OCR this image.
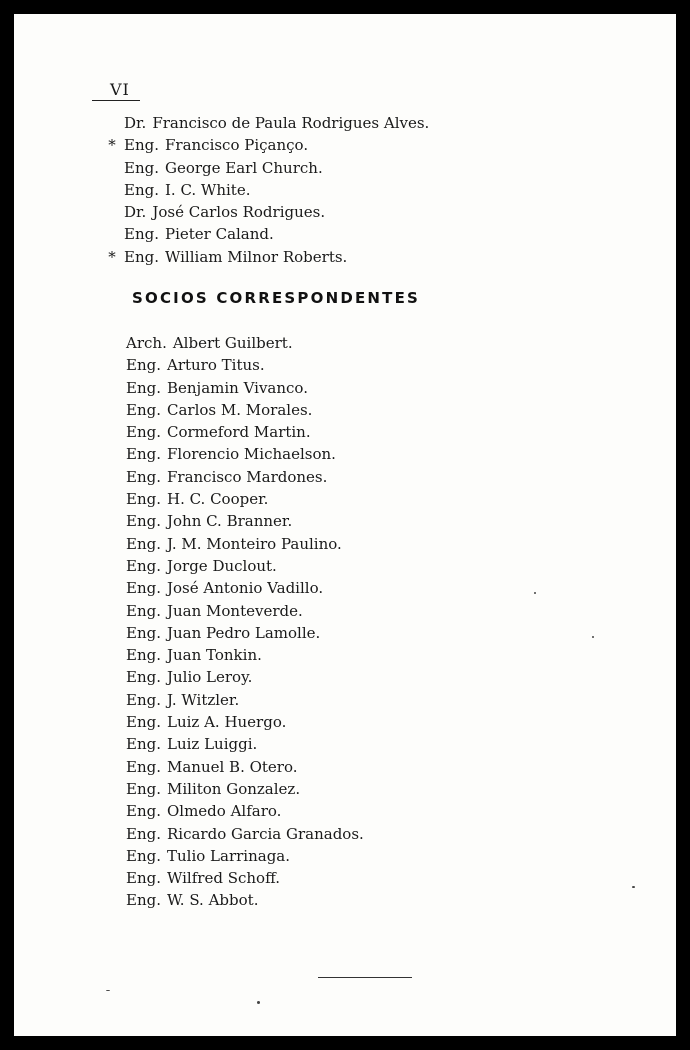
VI
Dr. Francisco de Paula Rodrigues Alves.
* Eng. Francisco Piçanço.
Eng. George Earl Church.
Eng. I. C. White.
Dr. José Carlos Rodrigues.
Eng. Pieter Caland.
* Eng. William Milnor Roberts.
SOCIOS CORRESPONDENTES
Arch. Albert Guilbert.
Eng. Arturo Titus.
Eng. Benjamin Vivanco.
Eng. Carlos M. Morales.
Eng. Cormeford Martin.
Eng. Florencio Michaelson.
Eng. Francisco Mardones.
Eng. H. C. Cooper.
Eng. John C. Branner.
Eng. J. M. Monteiro Paulino.
Eng. Jorge Duclout.
Eng. José Antonio Vadillo.
Eng. Juan Monteverde.
Eng. Juan Pedro Lamolle.
Eng. Juan Tonkin.
Eng. Julio Leroy.
Eng. J. Witzler.
Eng. Luiz A. Huergo.
Eng. Luiz Luiggi.
Eng. Manuel B. Otero.
Eng. Militon Gonzalez.
Eng. Olmedo Alfaro.
Eng. Ricardo Garcia Granados.
Eng. Tulio Larrinaga.
Eng. Wilfred Schoff.
Eng. W. S. Abbot.
